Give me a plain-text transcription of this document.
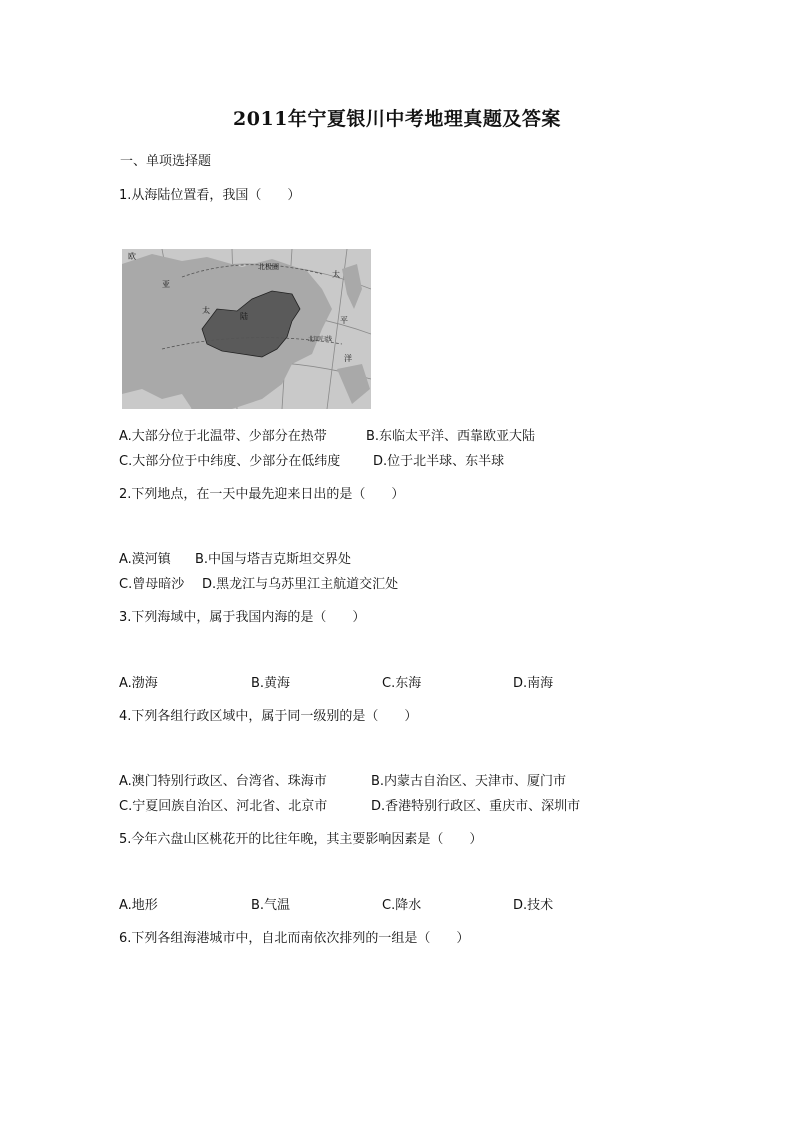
2011年宁夏银川中考地理真题及答案
一、单项选择题
1.从海陆位置看，我国（　　）
欧
亚
太
陆
北极圈
太
平
洋
北回归线
A.大部分位于北温带、少部分在热带	B.东临太平洋、西靠欧亚大陆
C.大部分位于中纬度、少部分在低纬度	D.位于北半球、东半球
2.下列地点，在一天中最先迎来日出的是（　　）
A.漠河镇 B.中国与塔吉克斯坦交界处
C.曾母暗沙 D.黑龙江与乌苏里江主航道交汇处
3.下列海域中，属于我国内海的是（　　）
A.渤海	B.黄海	C.东海	D.南海
4.下列各组行政区域中，属于同一级别的是（　　）
A.澳门特别行政区、台湾省、珠海市	B.内蒙古自治区、天津市、厦门市
C.宁夏回族自治区、河北省、北京市	D.香港特别行政区、重庆市、深圳市
5.今年六盘山区桃花开的比往年晚，其主要影响因素是（　　）
A.地形	B.气温	C.降水	D.技术
6.下列各组海港城市中，自北而南依次排列的一组是（　　）
